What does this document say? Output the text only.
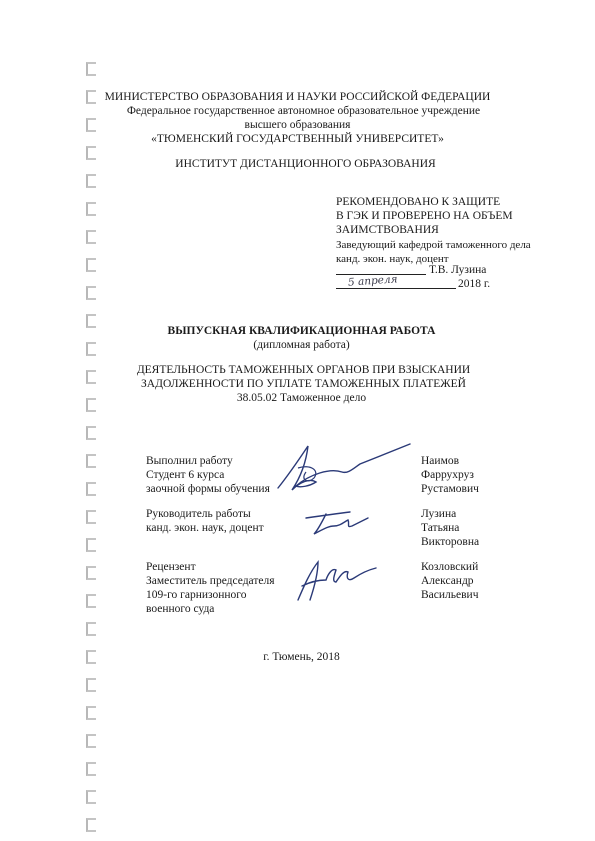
МИНИСТЕРСТВО ОБРАЗОВАНИЯ И НАУКИ РОССИЙСКОЙ ФЕДЕРАЦИИ
Федеральное государственное автономное образовательное учреждение
высшего образования
«ТЮМЕНСКИЙ ГОСУДАРСТВЕННЫЙ УНИВЕРСИТЕТ»
ИНСТИТУТ ДИСТАНЦИОННОГО ОБРАЗОВАНИЯ
РЕКОМЕНДОВАНО К ЗАЩИТЕ
В ГЭК И ПРОВЕРЕНО НА ОБЪЕМ
ЗАИМСТВОВАНИЯ
Заведующий кафедрой таможенного дела
канд. экон. наук, доцент
Т.В. Лузина
5 апреля	2018 г.
ВЫПУСКНАЯ КВАЛИФИКАЦИОННАЯ РАБОТА
(дипломная работа)
ДЕЯТЕЛЬНОСТЬ ТАМОЖЕННЫХ ОРГАНОВ ПРИ ВЗЫСКАНИИ
ЗАДОЛЖЕННОСТИ ПО УПЛАТЕ ТАМОЖЕННЫХ ПЛАТЕЖЕЙ
38.05.02 Таможенное дело
Выполнил работу
Студент 6 курса
заочной формы обучения
Наимов
Фаррухруз
Рустамович
Руководитель работы
канд. экон. наук, доцент
Лузина
Татьяна
Викторовна
Рецензент
Заместитель председателя
109-го гарнизонного
военного суда
Козловский
Александр
Васильевич
г. Тюмень, 2018
